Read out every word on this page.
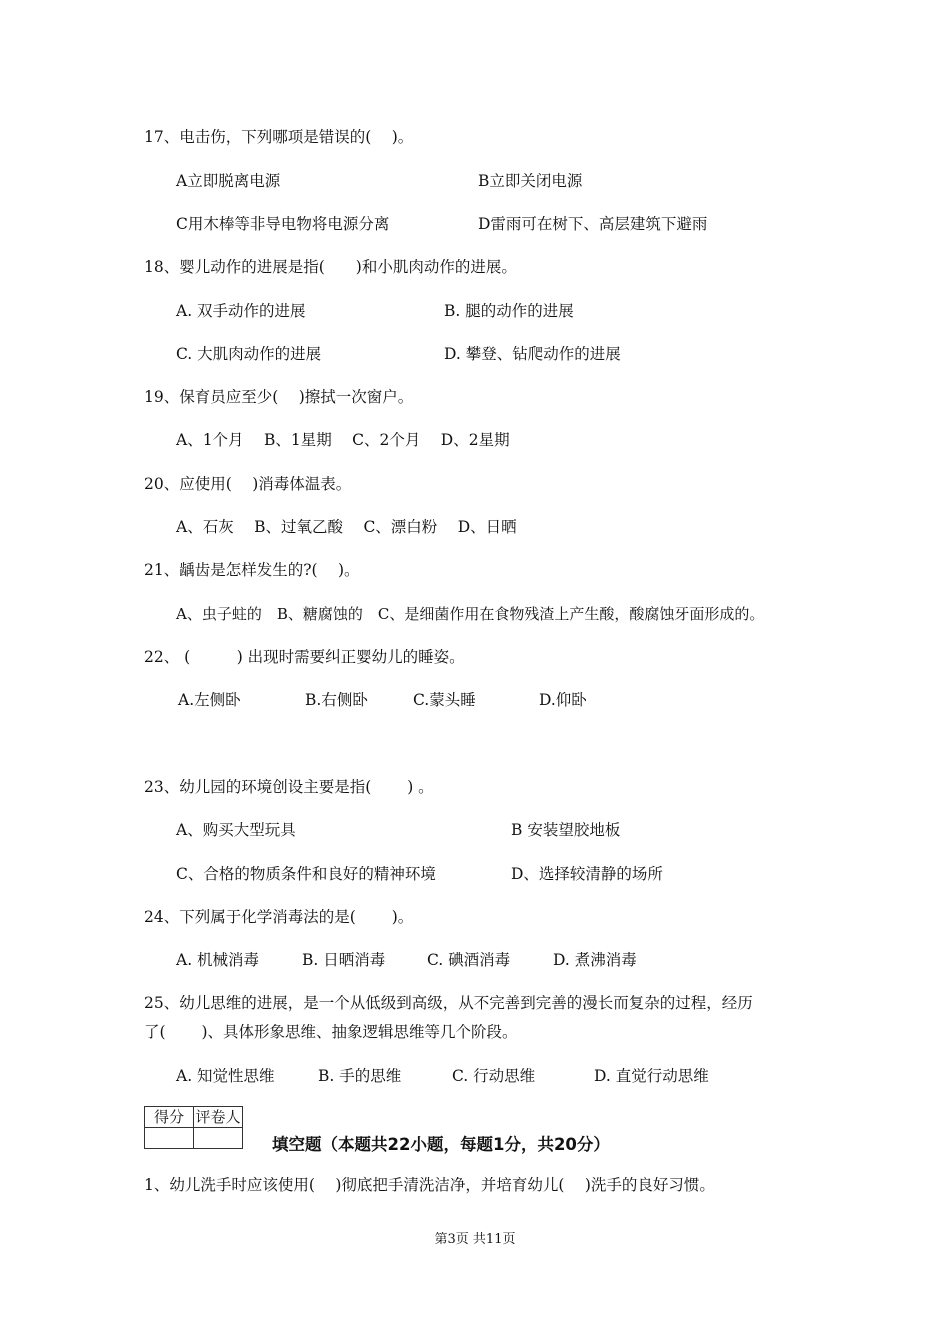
17、电击伤，下列哪项是错误的(　 )。
A立即脱离电源	B立即关闭电源
C用木棒等非导电物将电源分离	D雷雨可在树下、高层建筑下避雨
18、婴儿动作的进展是指(　　)和小肌肉动作的进展。
A. 双手动作的进展	B. 腿的动作的进展
C. 大肌肉动作的进展	D. 攀登、钻爬动作的进展
19、保育员应至少(　 )擦拭一次窗户。
A、1个月　 B、1星期　 C、2个月　 D、2星期
20、应使用(　 )消毒体温表。
A、石灰　 B、过氧乙酸　 C、漂白粉　 D、日晒
21、龋齿是怎样发生的?(　 )。
A、虫子蛀的　B、糖腐蚀的　C、是细菌作用在食物残渣上产生酸，酸腐蚀牙面形成的。
22、 (　　　) 出现时需要纠正婴幼儿的睡姿。
A.左侧卧	B.右侧卧	C.蒙头睡	D.仰卧
23、幼儿园的环境创设主要是指(　　 ) 。
A、购买大型玩具	B 安装望胶地板
C、合格的物质条件和良好的精神环境	D、选择较清静的场所
24、下列属于化学消毒法的是(　　 )。
A. 机械消毒	B. 日晒消毒	C. 碘酒消毒	D. 煮沸消毒
25、幼儿思维的进展，是一个从低级到高级，从不完善到完善的漫长而复杂的过程，经历
了(　　 )、具体形象思维、抽象逻辑思维等几个阶段。
A. 知觉性思维	B. 手的思维	C. 行动思维	D. 直觉行动思维
得分	评卷人

填空题（本题共22小题，每题1分，共20分）
1、幼儿洗手时应该使用(　 )彻底把手清洗洁净，并培育幼儿(　 )洗手的良好习惯。
第3页 共11页
